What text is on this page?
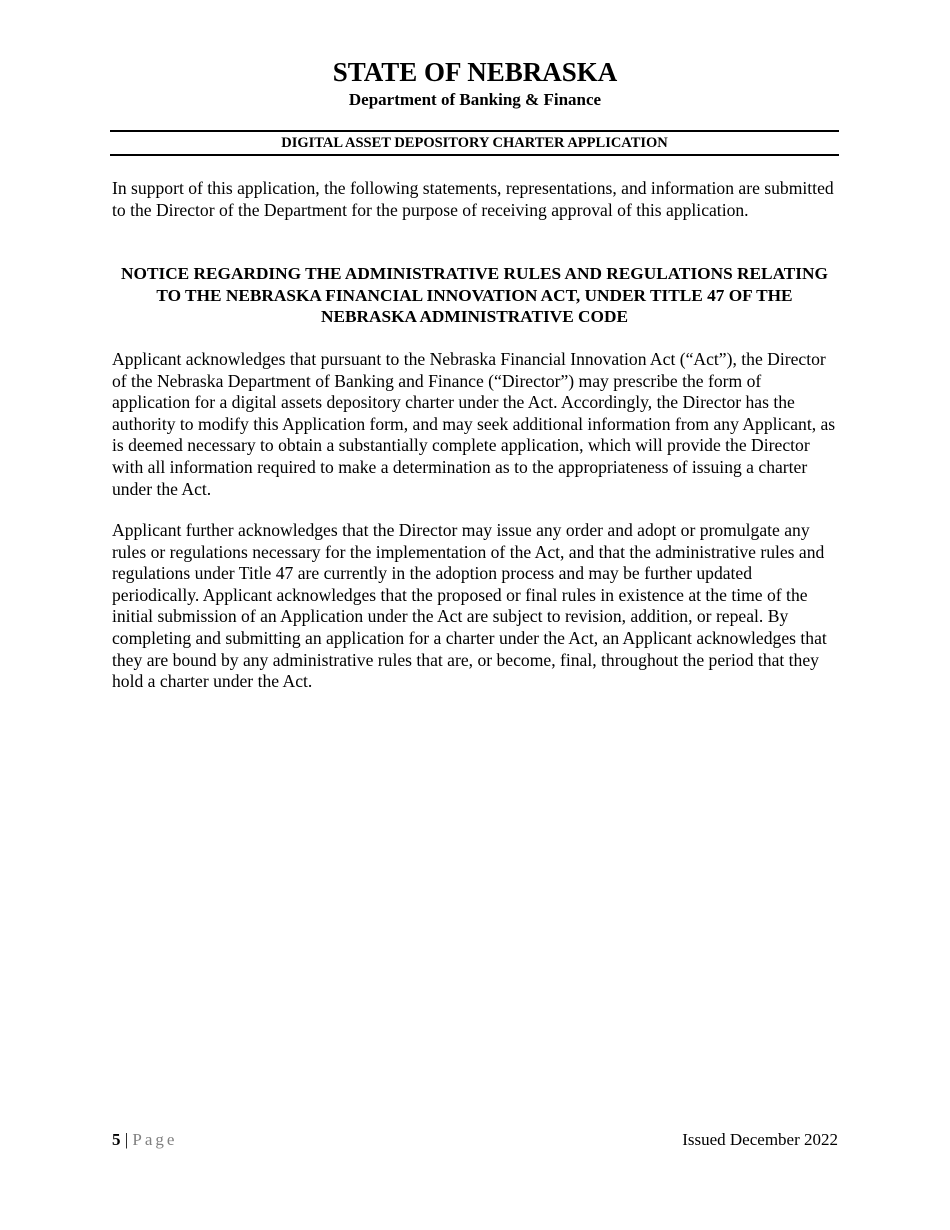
STATE OF NEBRASKA
Department of Banking & Finance
DIGITAL ASSET DEPOSITORY CHARTER APPLICATION

In support of this application, the following statements, representations, and information are submitted to the Director of the Department for the purpose of receiving approval of this application.

NOTICE REGARDING THE ADMINISTRATIVE RULES AND REGULATIONS RELATING TO THE NEBRASKA FINANCIAL INNOVATION ACT, UNDER TITLE 47 OF THE NEBRASKA ADMINISTRATIVE CODE

Applicant acknowledges that pursuant to the Nebraska Financial Innovation Act (“Act”), the Director of the Nebraska Department of Banking and Finance (“Director”) may prescribe the form of application for a digital assets depository charter under the Act. Accordingly, the Director has the authority to modify this Application form, and may seek additional information from any Applicant, as is deemed necessary to obtain a substantially complete application, which will provide the Director with all information required to make a determination as to the appropriateness of issuing a charter under the Act.

Applicant further acknowledges that the Director may issue any order and adopt or promulgate any rules or regulations necessary for the implementation of the Act, and that the administrative rules and regulations under Title 47 are currently in the adoption process and may be further updated periodically. Applicant acknowledges that the proposed or final rules in existence at the time of the initial submission of an Application under the Act are subject to revision, addition, or repeal. By completing and submitting an application for a charter under the Act, an Applicant acknowledges that they are bound by any administrative rules that are, or become, final, throughout the period that they hold a charter under the Act.

5 | Page	Issued December 2022
